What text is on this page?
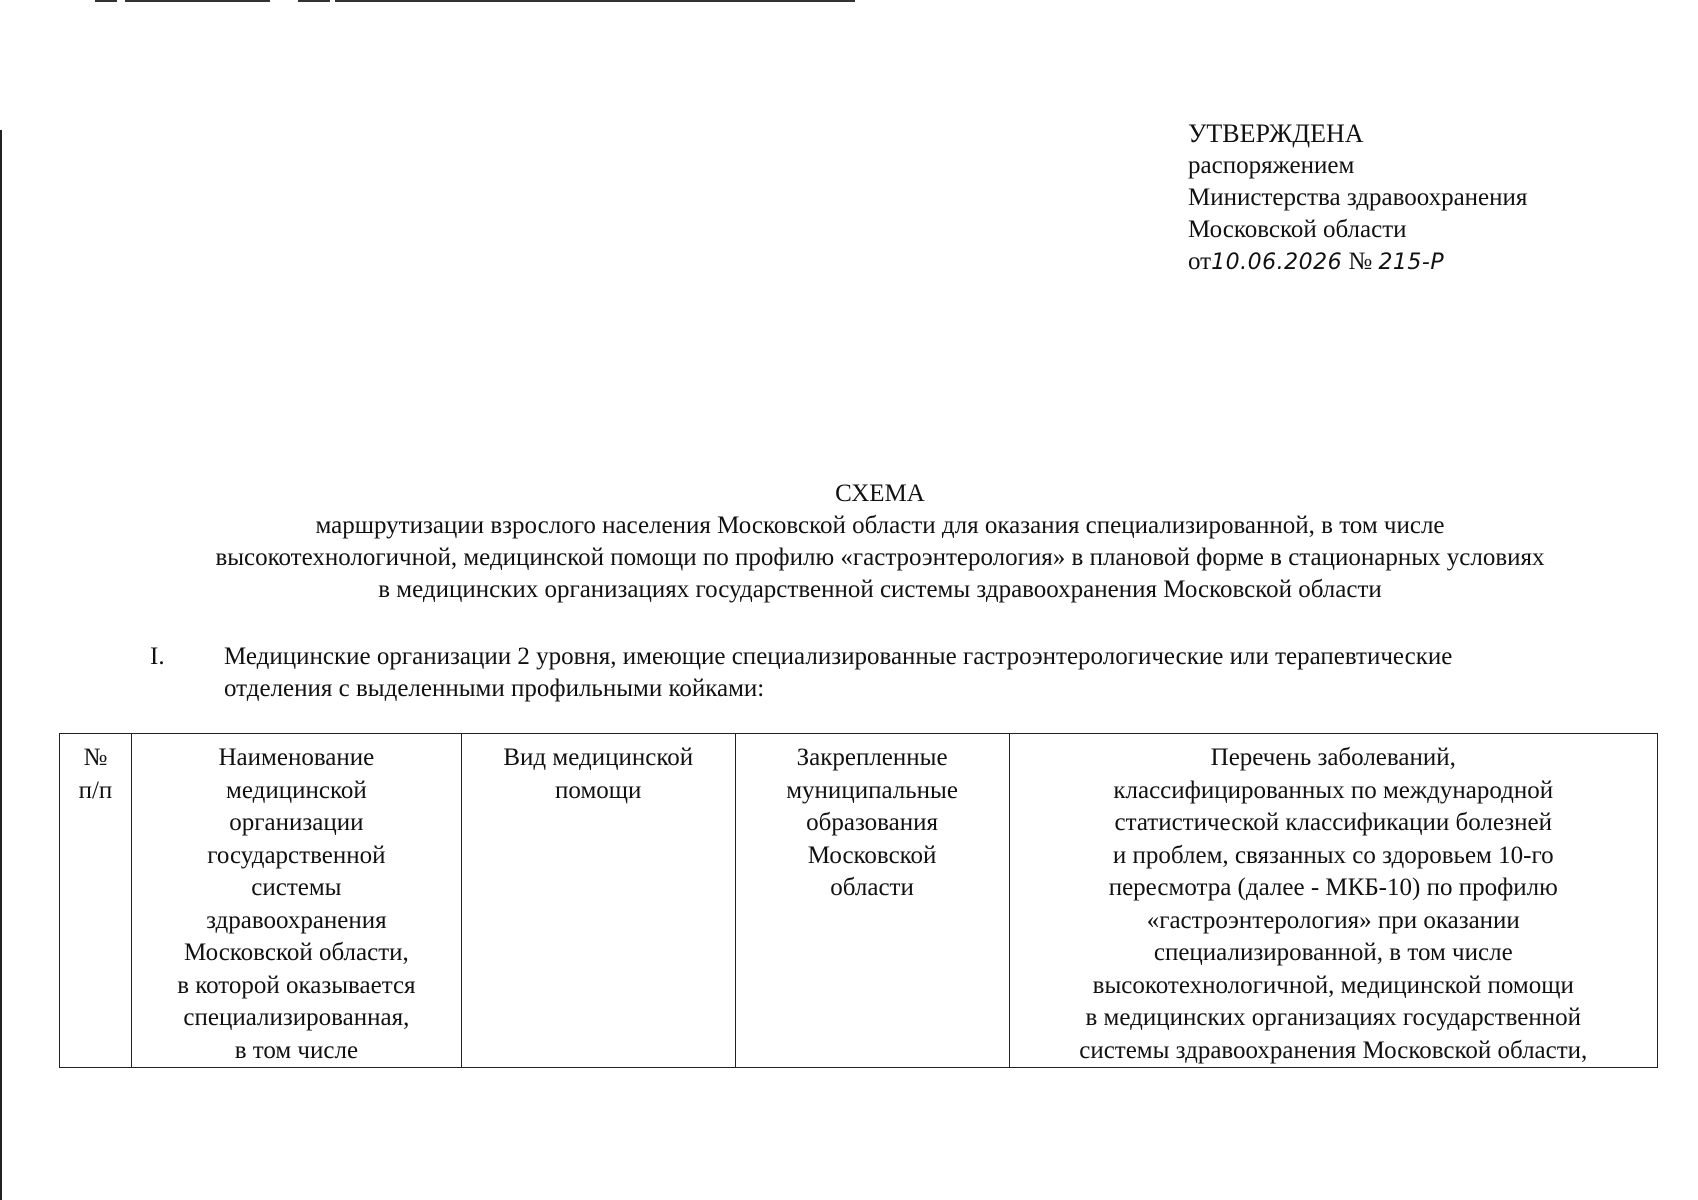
УТВЕРЖДЕНА
распоряжением
Министерства здравоохранения
Московской области
от10.06.2026 № 215-Р
СХЕМА
маршрутизации взрослого населения Московской области для оказания специализированной, в том числе
высокотехнологичной, медицинской помощи по профилю «гастроэнтерология» в плановой форме в стационарных условиях
в медицинских организациях государственной системы здравоохранения Московской области
I. Медицинские организации 2 уровня, имеющие специализированные гастроэнтерологические или терапевтические
отделения с выделенными профильными койками:
№
п/п

Наименование
медицинской
организации
государственной
системы
здравоохранения
Московской области,
в которой оказывается
специализированная,
в том числе

Вид медицинской
помощи

Закрепленные
муниципальные
образования
Московской
области

Перечень заболеваний,
классифицированных по международной
статистической классификации болезней
и проблем, связанных со здоровьем 10-го
пересмотра (далее - МКБ-10) по профилю
«гастроэнтерология» при оказании
специализированной, в том числе
высокотехнологичной, медицинской помощи
в медицинских организациях государственной
системы здравоохранения Московской области,
